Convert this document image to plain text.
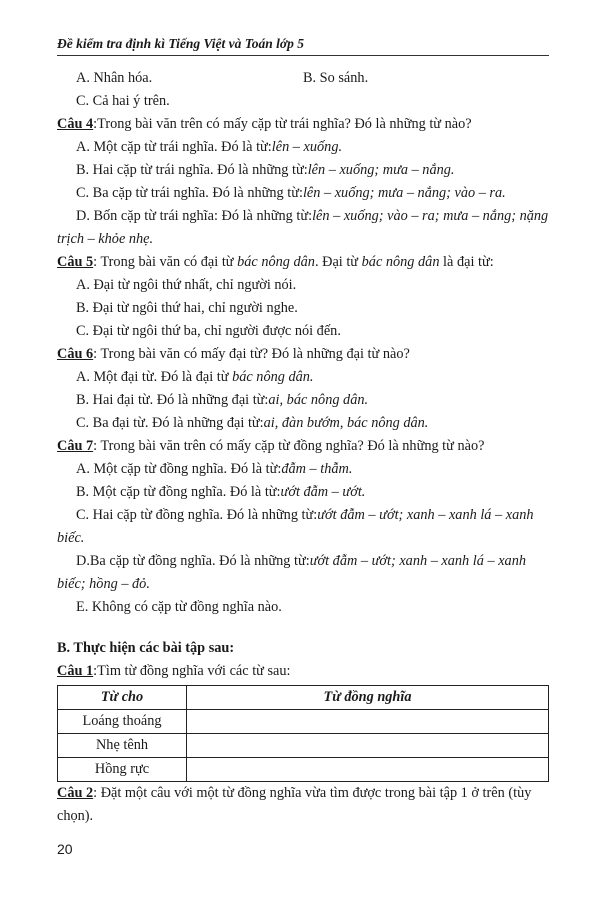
Đề kiểm tra định kì Tiếng Việt và Toán lớp 5
A. Nhân hóa.	B. So sánh.
C. Cả hai ý trên.
Câu 4:Trong bài văn trên có mấy cặp từ trái nghĩa? Đó là những từ nào?
A. Một cặp từ trái nghĩa. Đó là từ:lên – xuống.
B. Hai cặp từ trái nghĩa. Đó là những từ:lên – xuống; mưa – nắng.
C. Ba cặp từ trái nghĩa. Đó là những từ:lên – xuống; mưa – nắng; vào – ra.
D. Bốn cặp từ trái nghĩa: Đó là những từ:lên – xuống; vào – ra; mưa – nắng; nặng trịch – khỏe nhẹ.
Câu 5: Trong bài văn có đại từ bác nông dân. Đại từ bác nông dân là đại từ:
A. Đại từ ngôi thứ nhất, chỉ người nói.
B. Đại từ ngôi thứ hai, chỉ người nghe.
C. Đại từ ngôi thứ ba, chỉ người được nói đến.
Câu 6: Trong bài văn có mấy đại từ? Đó là những đại từ nào?
A. Một đại từ. Đó là đại từ bác nông dân.
B. Hai đại từ. Đó là những đại từ:ai, bác nông dân.
C. Ba đại từ. Đó là những đại từ:ai, đàn bướm, bác nông dân.
Câu 7: Trong bài văn trên có mấy cặp từ đồng nghĩa? Đó là những từ nào?
A. Một cặp từ đồng nghĩa. Đó là từ:đẫm – thẫm.
B. Một cặp từ đồng nghĩa. Đó là từ:ướt đẫm – ướt.
C. Hai cặp từ đồng nghĩa. Đó là những từ:ướt đẫm – ướt; xanh – xanh lá – xanh biếc.
D.Ba cặp từ đồng nghĩa. Đó là những từ:ướt đẫm – ướt; xanh – xanh lá – xanh biếc; hồng – đỏ.
E. Không có cặp từ đồng nghĩa nào.
B. Thực hiện các bài tập sau:
Câu 1:Tìm từ đồng nghĩa với các từ sau:
Từ cho	Từ đồng nghĩa
Loáng thoáng	
Nhẹ tênh	
Hồng rực	
Câu 2: Đặt một câu với một từ đồng nghĩa vừa tìm được trong bài tập 1 ở trên (tùy chọn).
20
